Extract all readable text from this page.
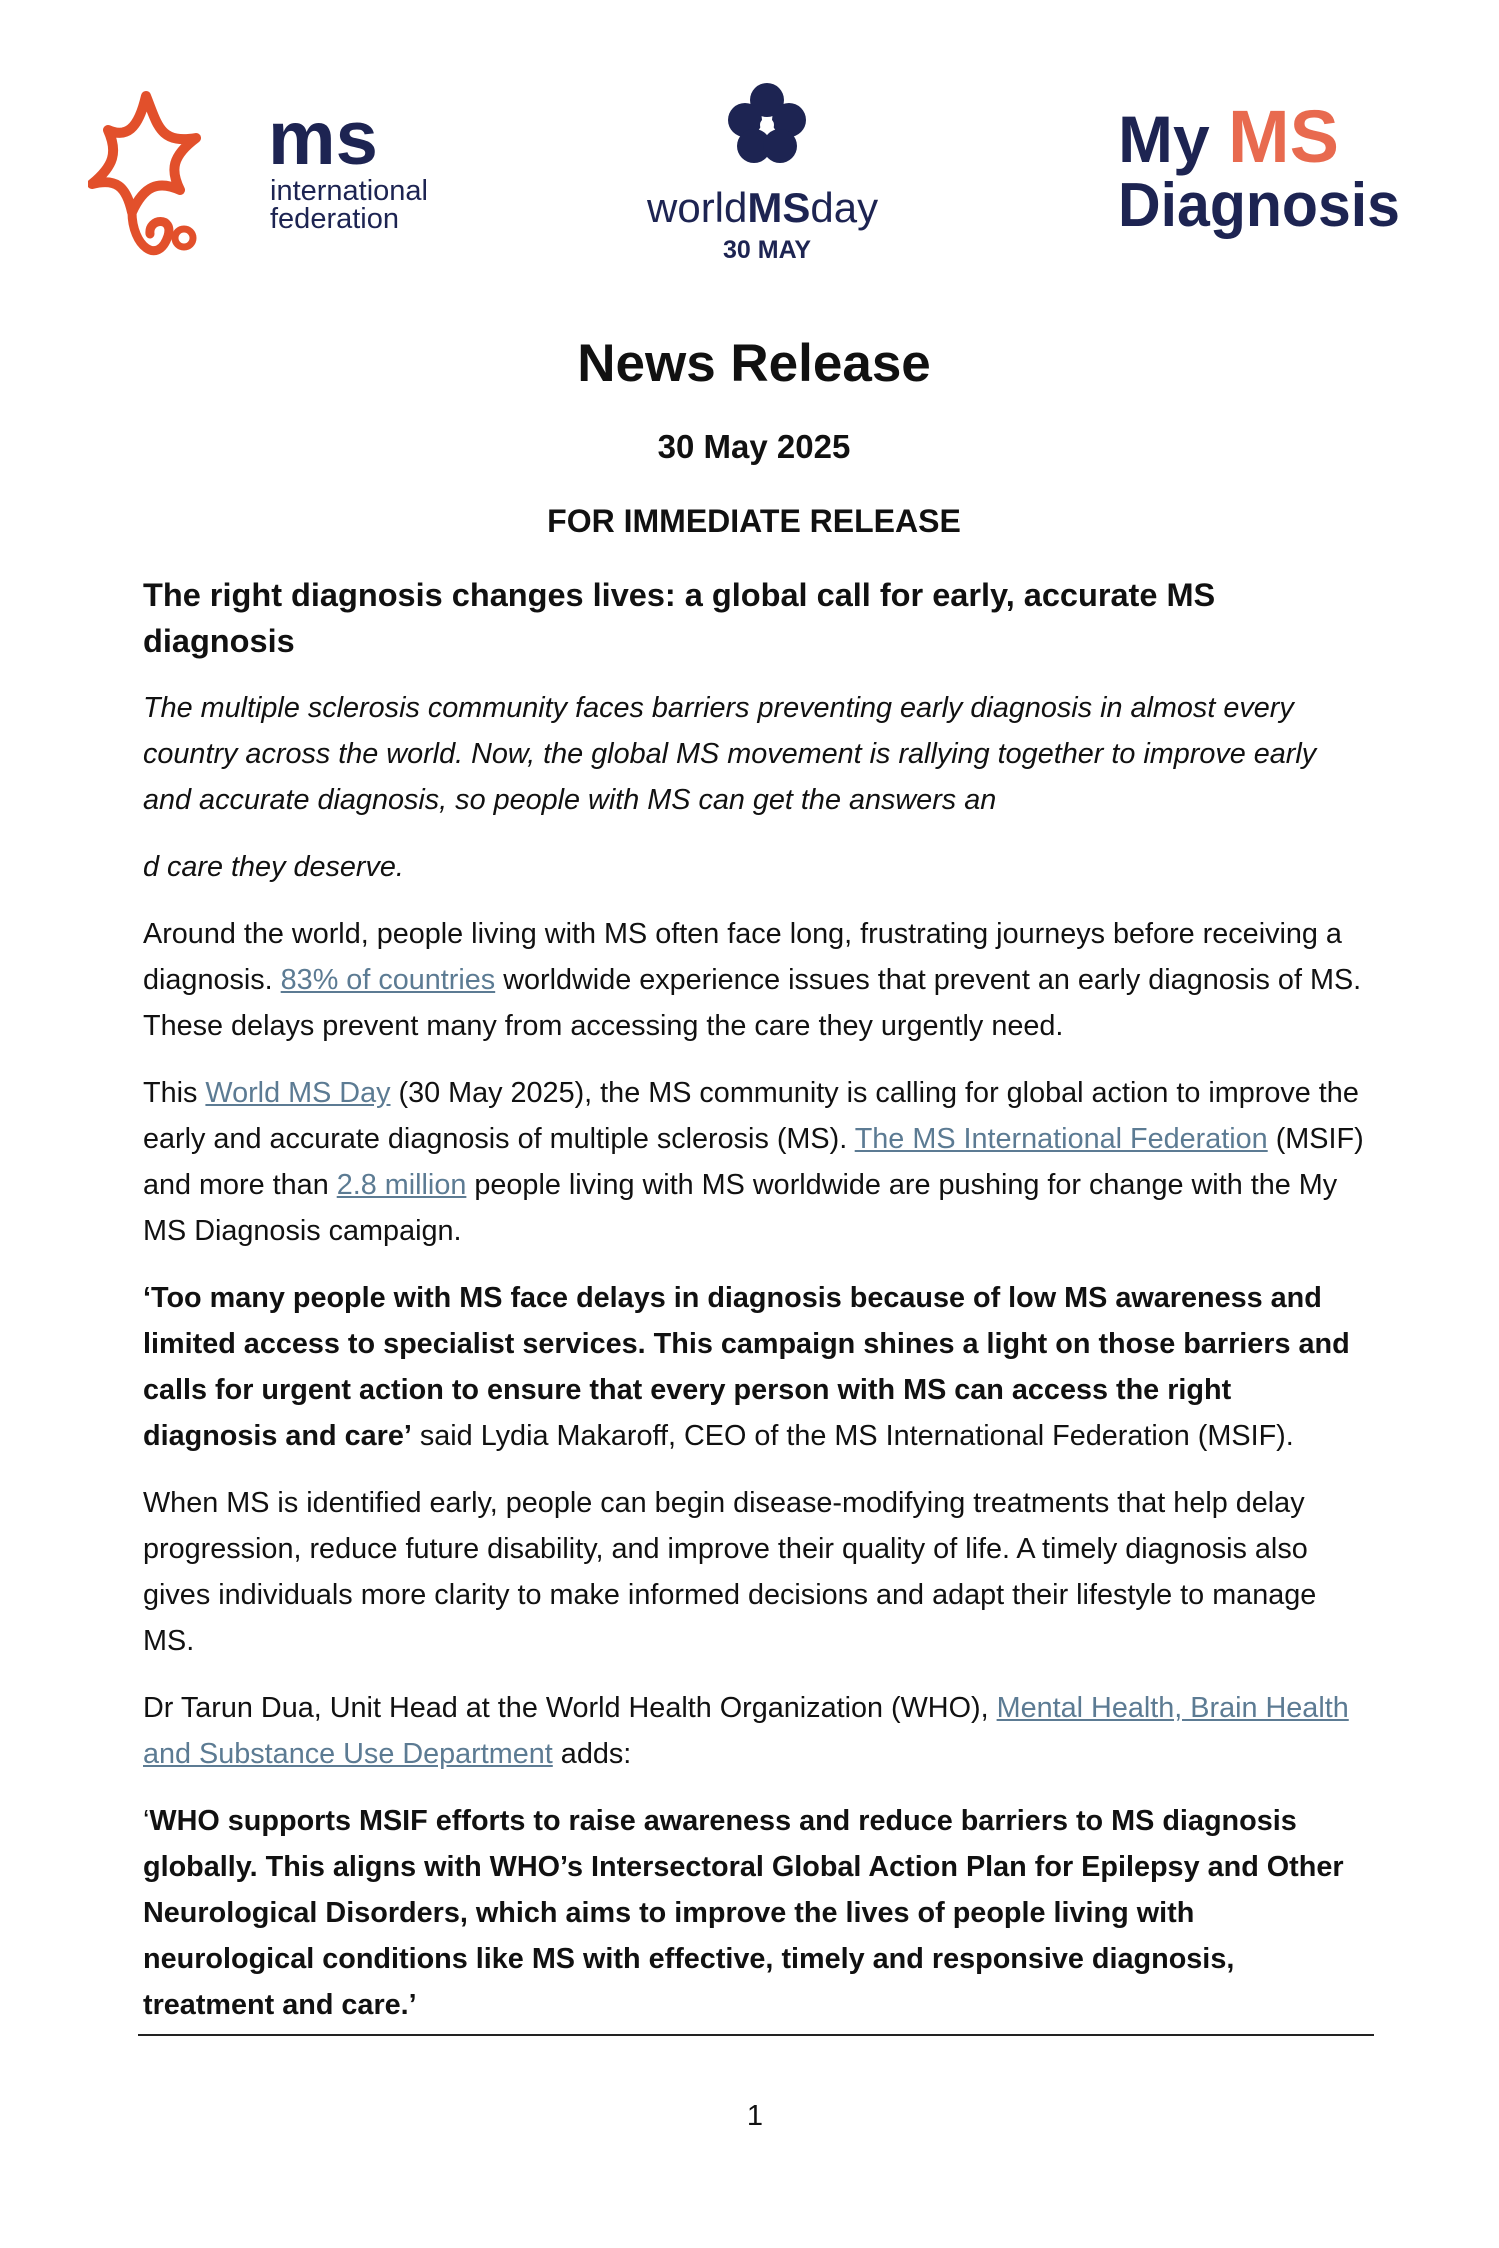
ms
international
federation	worldMSday
30 MAY
My MS
Diagnosis
News Release
30 May 2025
FOR IMMEDIATE RELEASE
The right diagnosis changes lives: a global call for early, accurate MS diagnosis

The multiple sclerosis community faces barriers preventing early diagnosis in almost every country across the world. Now, the global MS movement is rallying together to improve early and accurate diagnosis, so people with MS can get the answers an

d care they deserve.

Around the world, people living with MS often face long, frustrating journeys before receiving a diagnosis. 83% of countries worldwide experience issues that prevent an early diagnosis of MS. These delays prevent many from accessing the care they urgently need.

This World MS Day (30 May 2025), the MS community is calling for global action to improve the early and accurate diagnosis of multiple sclerosis (MS). The MS International Federation (MSIF) and more than 2.8 million people living with MS worldwide are pushing for change with the My MS Diagnosis campaign.

‘Too many people with MS face delays in diagnosis because of low MS awareness and limited access to specialist services. This campaign shines a light on those barriers and calls for urgent action to ensure that every person with MS can access the right diagnosis and care’ said Lydia Makaroff, CEO of the MS International Federation (MSIF).

When MS is identified early, people can begin disease-modifying treatments that help delay progression, reduce future disability, and improve their quality of life. A timely diagnosis also gives individuals more clarity to make informed decisions and adapt their lifestyle to manage MS.

Dr Tarun Dua, Unit Head at the World Health Organization (WHO), Mental Health, Brain Health and Substance Use Department adds:

‘WHO supports MSIF efforts to raise awareness and reduce barriers to MS diagnosis globally. This aligns with WHO’s Intersectoral Global Action Plan for Epilepsy and Other Neurological Disorders, which aims to improve the lives of people living with neurological conditions like MS with effective, timely and responsive diagnosis, treatment and care.’

1
